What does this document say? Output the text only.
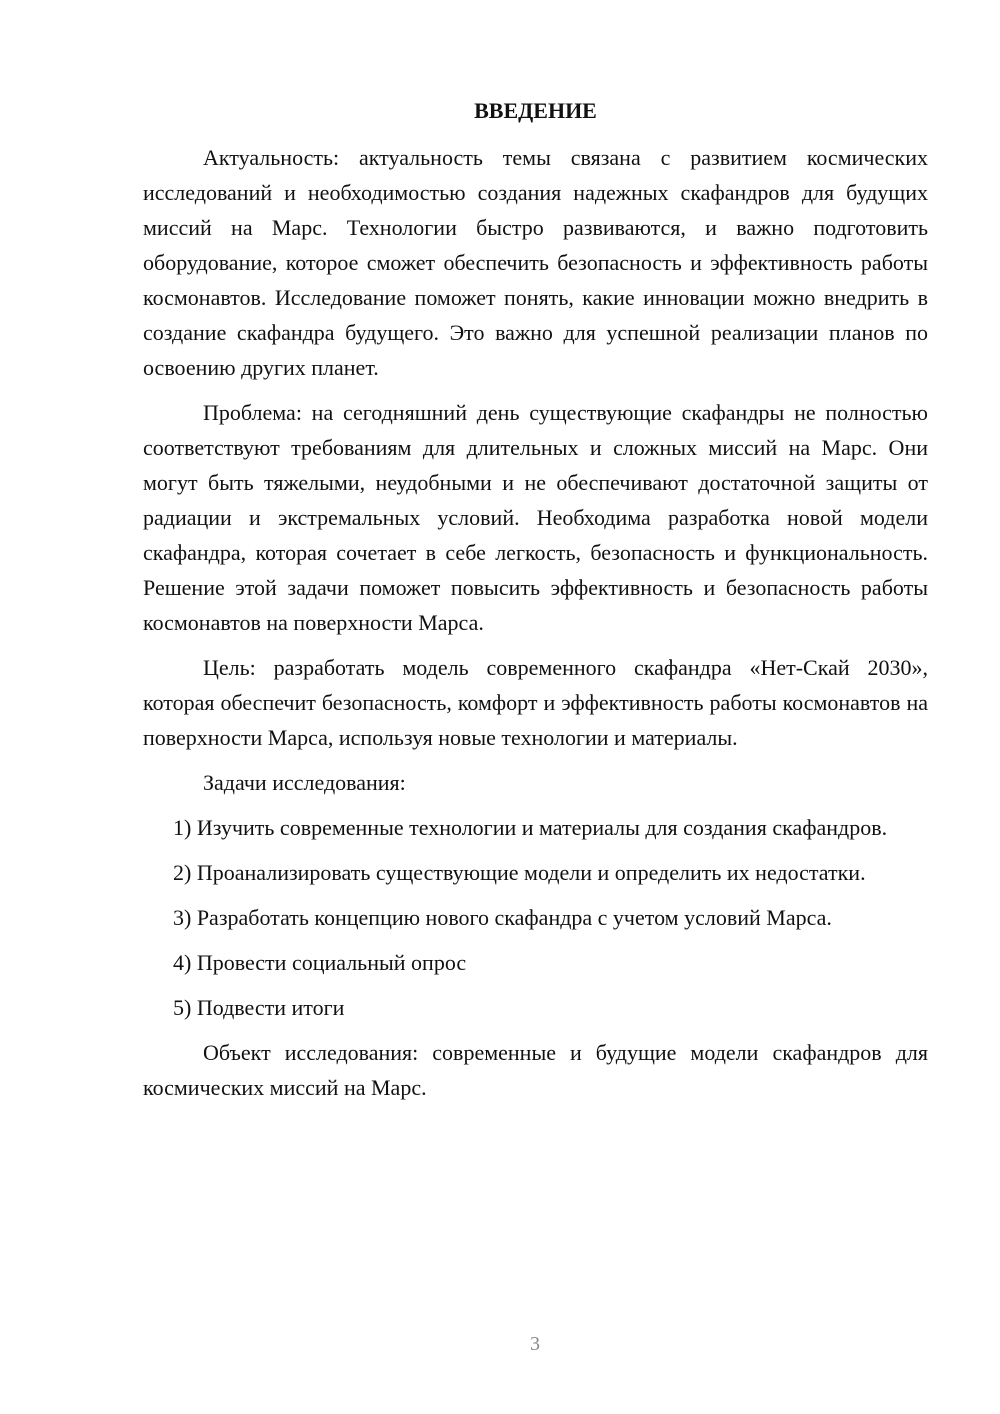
ВВЕДЕНИЕ

Актуальность: актуальность темы связана с развитием космических исследований и необходимостью создания надежных скафандров для будущих миссий на Марс. Технологии быстро развиваются, и важно подготовить оборудование, которое сможет обеспечить безопасность и эффективность работы космонавтов. Исследование поможет понять, какие инновации можно внедрить в создание скафандра будущего. Это важно для успешной реализации планов по освоению других планет.

Проблема: на сегодняшний день существующие скафандры не полностью соответствуют требованиям для длительных и сложных миссий на Марс. Они могут быть тяжелыми, неудобными и не обеспечивают достаточной защиты от радиации и экстремальных условий. Необходима разработка новой модели скафандра, которая сочетает в себе легкость, безопасность и функциональность. Решение этой задачи поможет повысить эффективность и безопасность работы космонавтов на поверхности Марса.

Цель: разработать модель современного скафандра «Нет-Скай 2030», которая обеспечит безопасность, комфорт и эффективность работы космонавтов на поверхности Марса, используя новые технологии и материалы.

Задачи исследования:

1) Изучить современные технологии и материалы для создания скафандров.

2) Проанализировать существующие модели и определить их недостатки.

3) Разработать концепцию нового скафандра с учетом условий Марса.

4) Провести социальный опрос

5) Подвести итоги

Объект исследования: современные и будущие модели скафандров для космических миссий на Марс.

3
